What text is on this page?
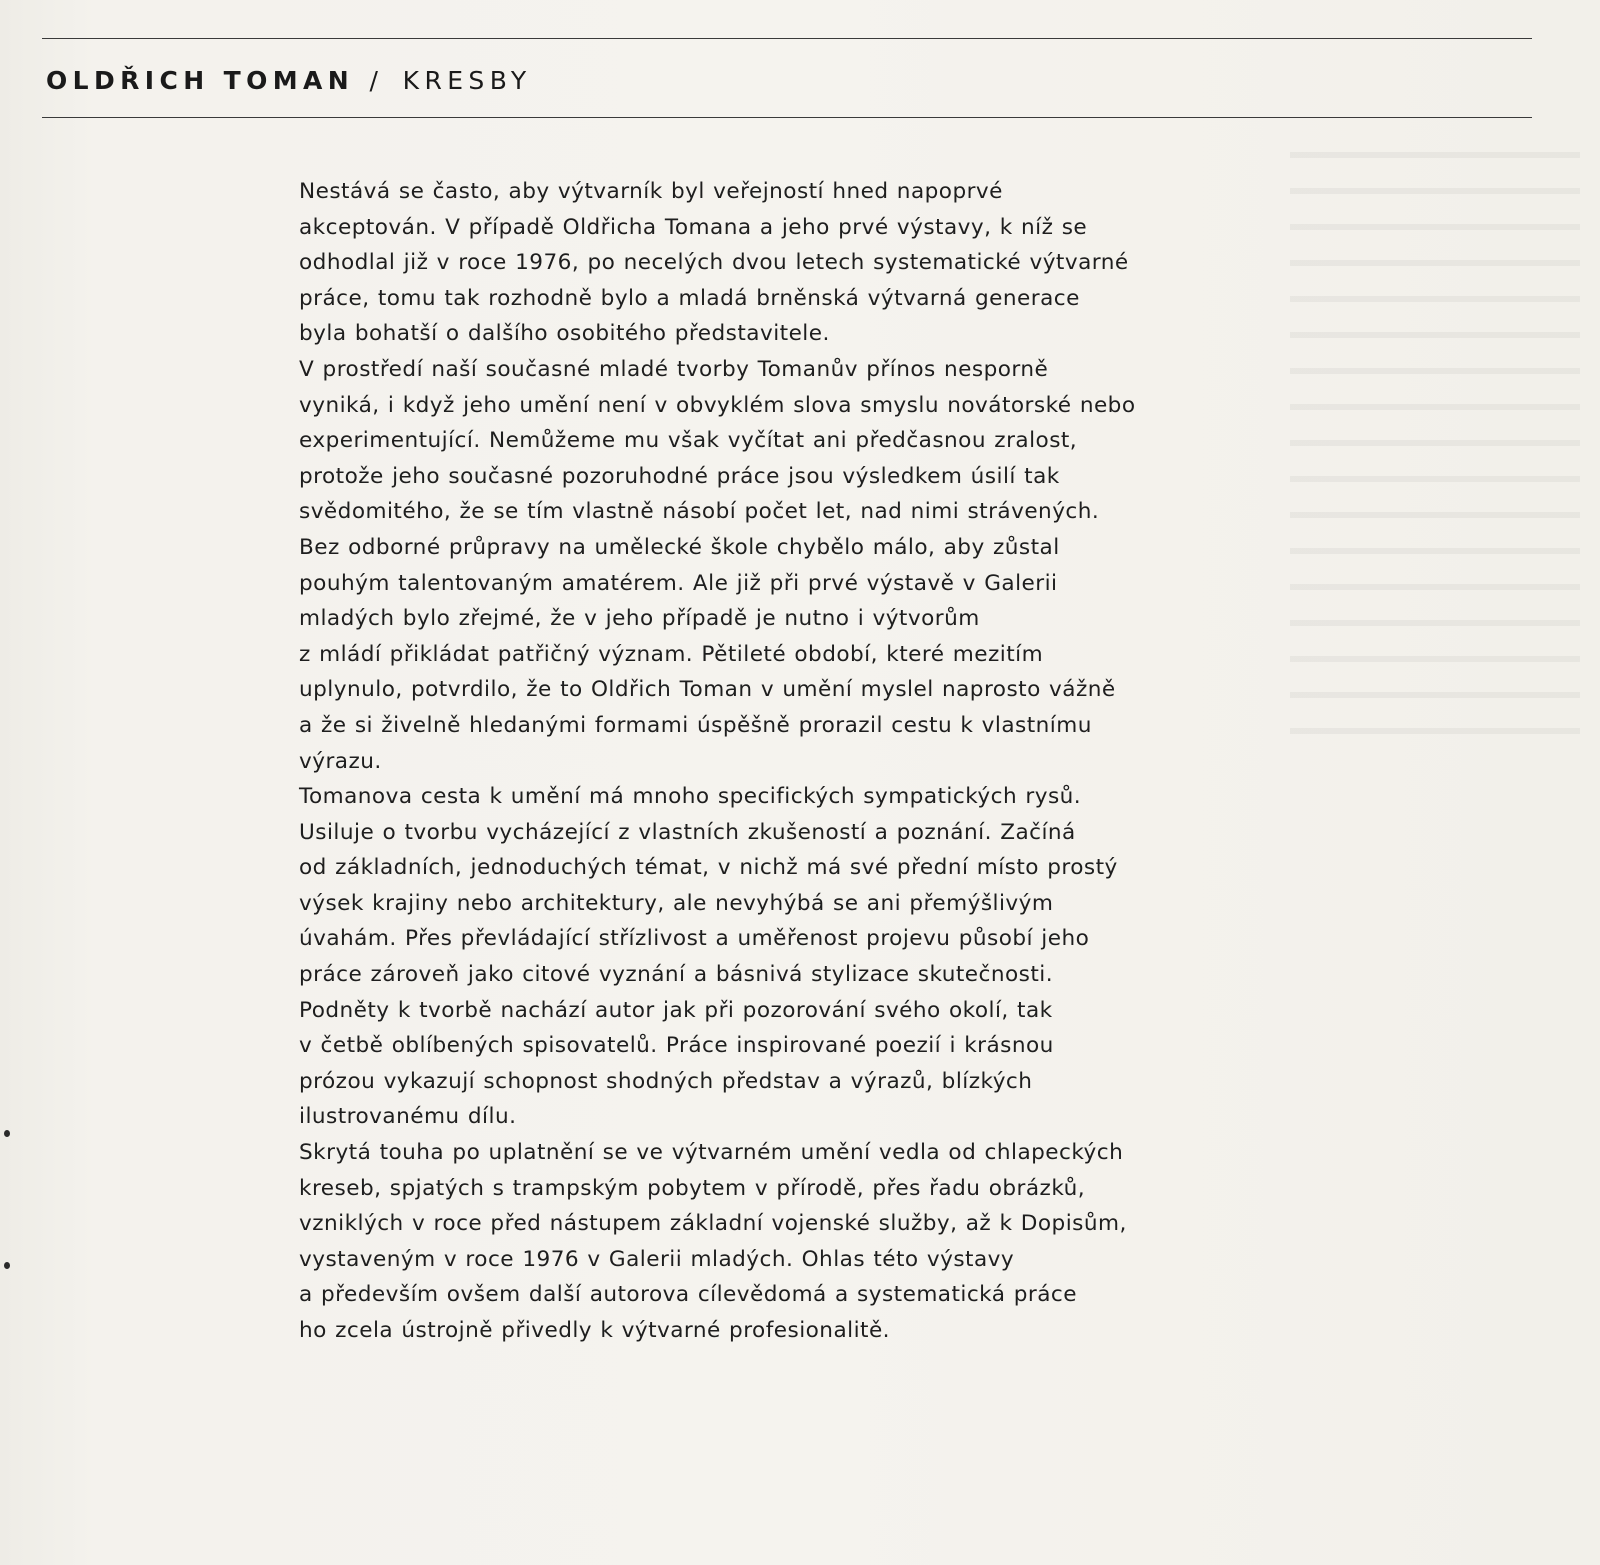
OLDŘICH TOMAN / KRESBY
Nestává se často, aby výtvarník byl veřejností hned napoprvé
akceptován. V případě Oldřicha Tomana a jeho prvé výstavy, k níž se
odhodlal již v roce 1976, po necelých dvou letech systematické výtvarné
práce, tomu tak rozhodně bylo a mladá brněnská výtvarná generace
byla bohatší o dalšího osobitého představitele.
V prostředí naší současné mladé tvorby Tomanův přínos nesporně
vyniká, i když jeho umění není v obvyklém slova smyslu novátorské nebo
experimentující. Nemůžeme mu však vyčítat ani předčasnou zralost,
protože jeho současné pozoruhodné práce jsou výsledkem úsilí tak
svědomitého, že se tím vlastně násobí počet let, nad nimi strávených.
Bez odborné průpravy na umělecké škole chybělo málo, aby zůstal
pouhým talentovaným amatérem. Ale již při prvé výstavě v Galerii
mladých bylo zřejmé, že v jeho případě je nutno i výtvorům
z mládí přikládat patřičný význam. Pětileté období, které mezitím
uplynulo, potvrdilo, že to Oldřich Toman v umění myslel naprosto vážně
a že si živelně hledanými formami úspěšně prorazil cestu k vlastnímu
výrazu.
Tomanova cesta k umění má mnoho specifických sympatických rysů.
Usiluje o tvorbu vycházející z vlastních zkušeností a poznání. Začíná
od základních, jednoduchých témat, v nichž má své přední místo prostý
výsek krajiny nebo architektury, ale nevyhýbá se ani přemýšlivým
úvahám. Přes převládající střízlivost a uměřenost projevu působí jeho
práce zároveň jako citové vyznání a básnivá stylizace skutečnosti.
Podněty k tvorbě nachází autor jak při pozorování svého okolí, tak
v četbě oblíbených spisovatelů. Práce inspirované poezií i krásnou
prózou vykazují schopnost shodných představ a výrazů, blízkých
ilustrovanému dílu.
Skrytá touha po uplatnění se ve výtvarném umění vedla od chlapeckých
kreseb, spjatých s trampským pobytem v přírodě, přes řadu obrázků,
vzniklých v roce před nástupem základní vojenské služby, až k Dopisům,
vystaveným v roce 1976 v Galerii mladých. Ohlas této výstavy
a především ovšem další autorova cílevědomá a systematická práce
ho zcela ústrojně přivedly k výtvarné profesionalitě.
